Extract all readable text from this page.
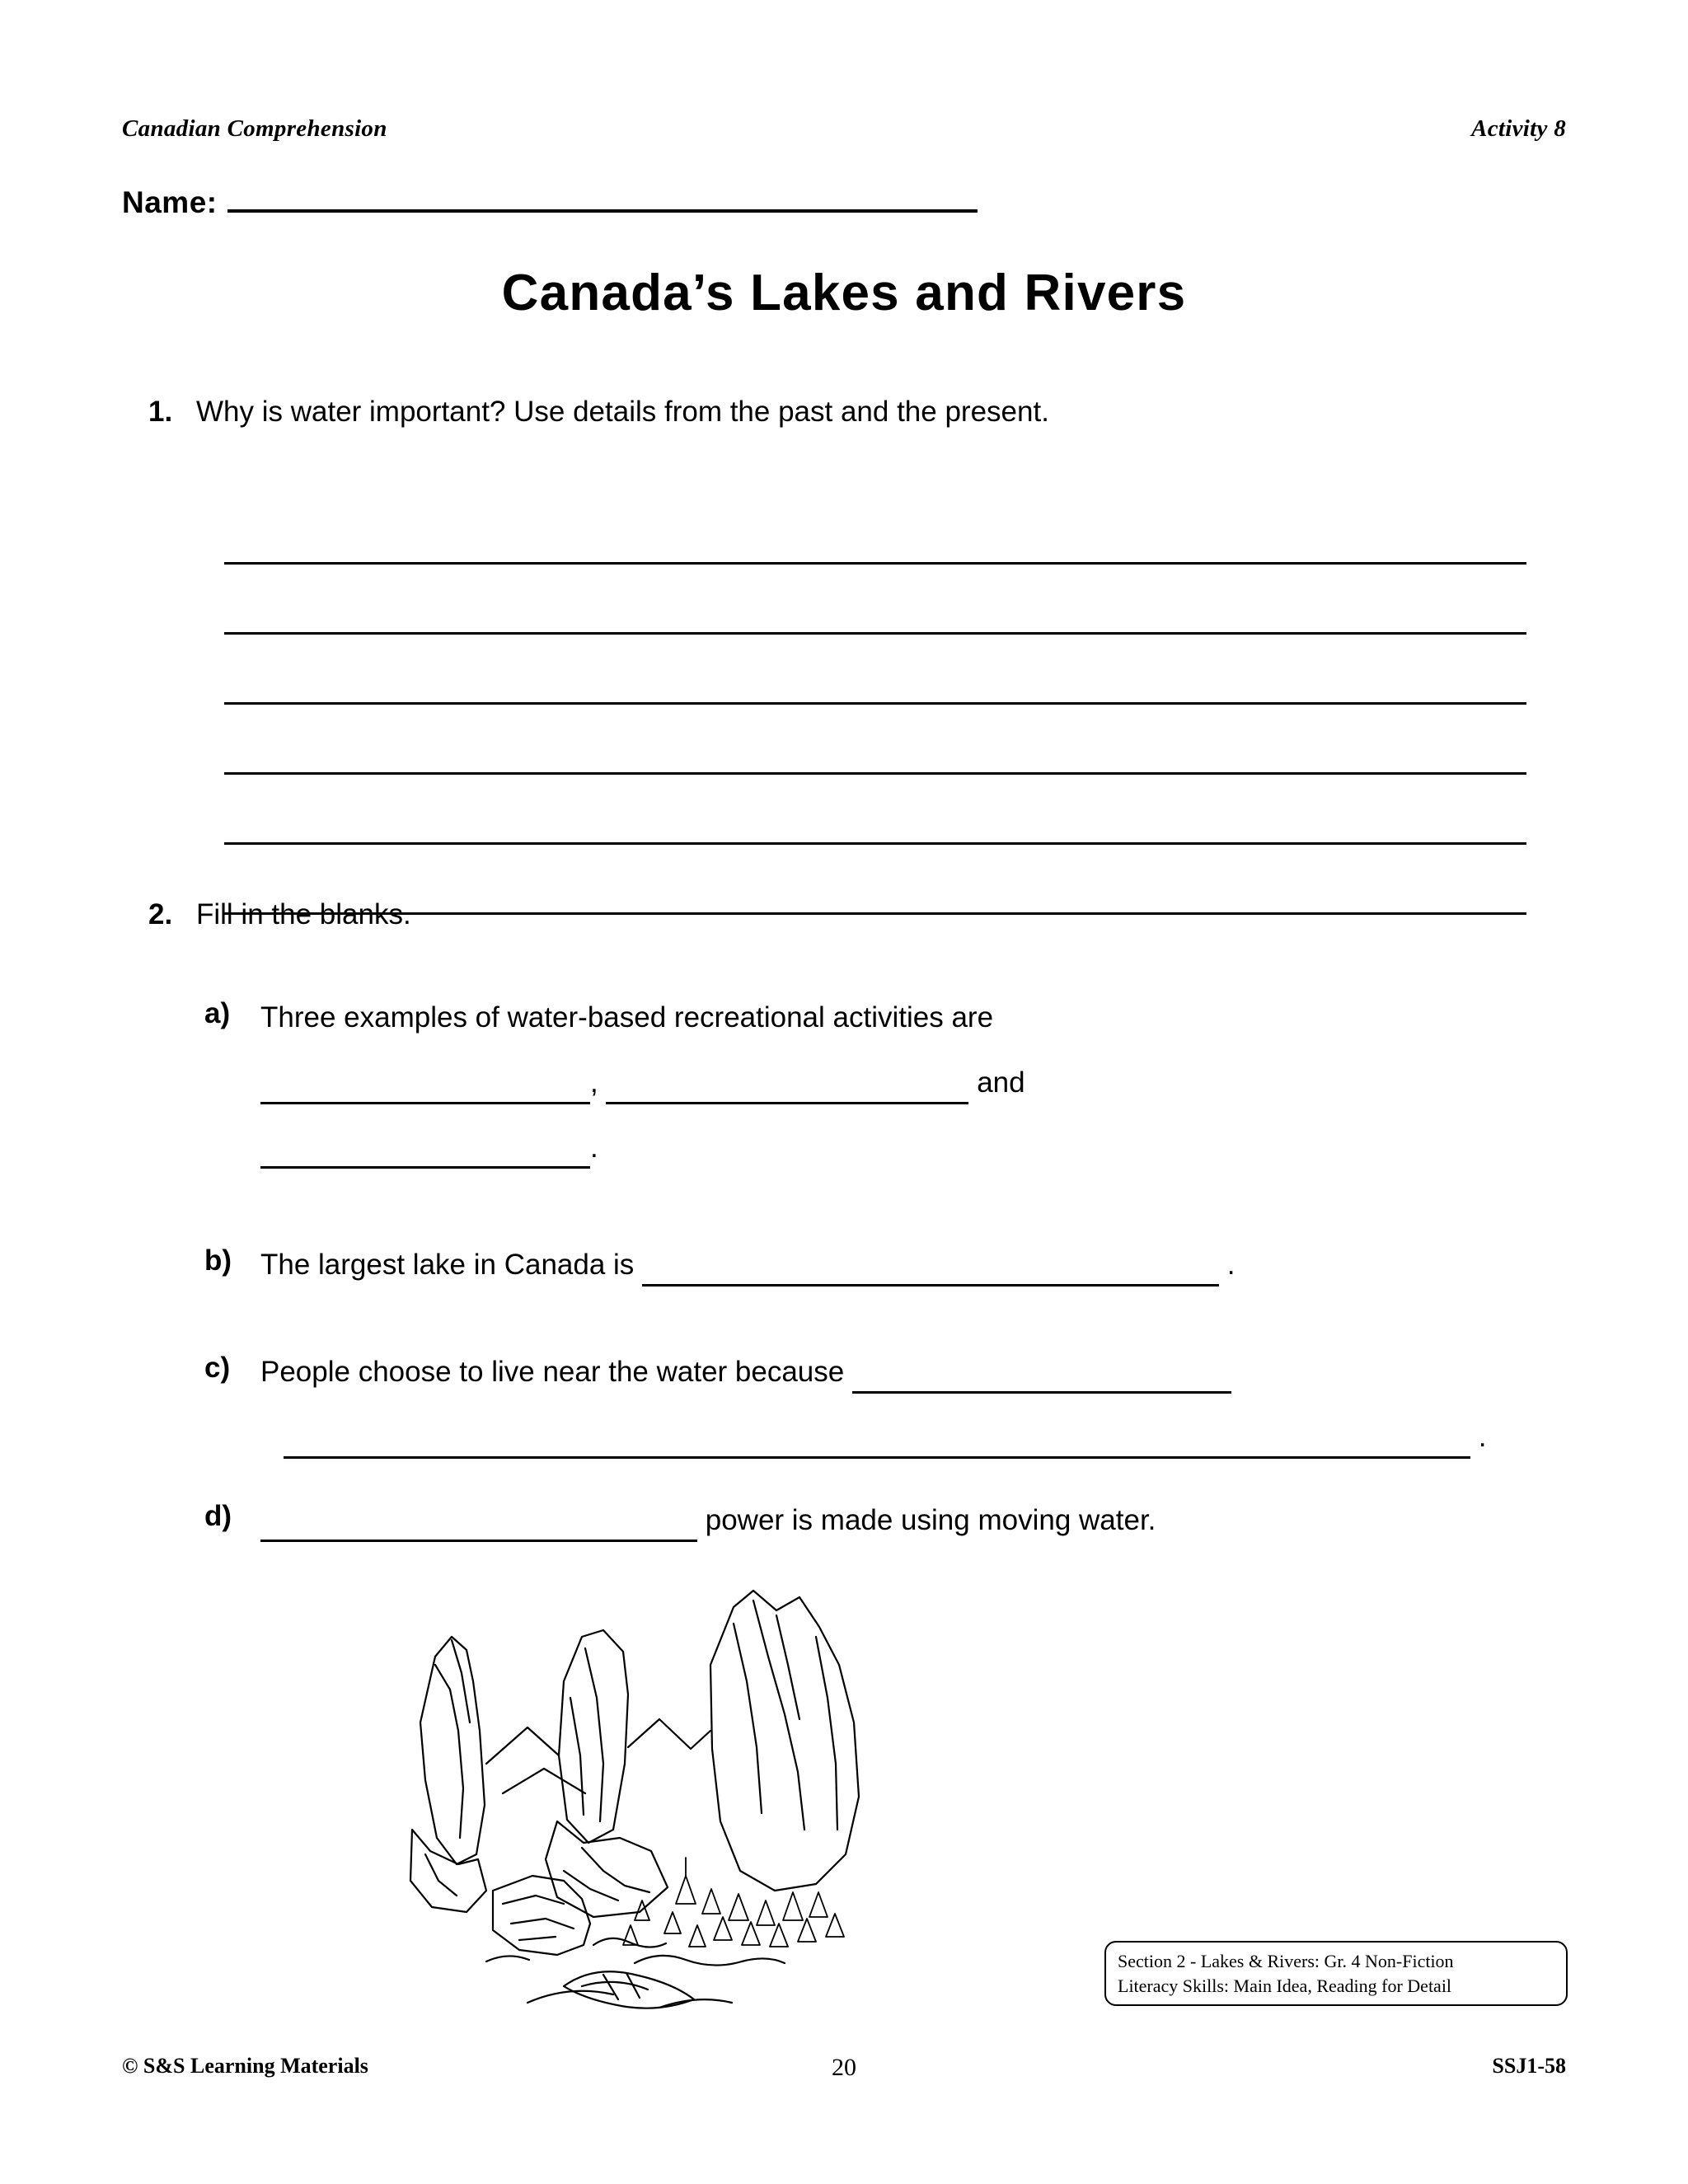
Canadian Comprehension	Activity 8
Name:
Canada’s Lakes and Rivers
1. Why is water important? Use details from the past and the present.
2. Fill in the blanks.
a)	Three examples of water-based recreational activities are
,	and
.
b) The largest lake in Canada is	.
c)	People choose to live near the water because
.
d)	power is made using moving water.
Section 2 - Lakes & Rivers: Gr. 4 Non-Fiction
Literacy Skills: Main Idea, Reading for Detail
© S&S Learning Materials	20	SSJ1-58
